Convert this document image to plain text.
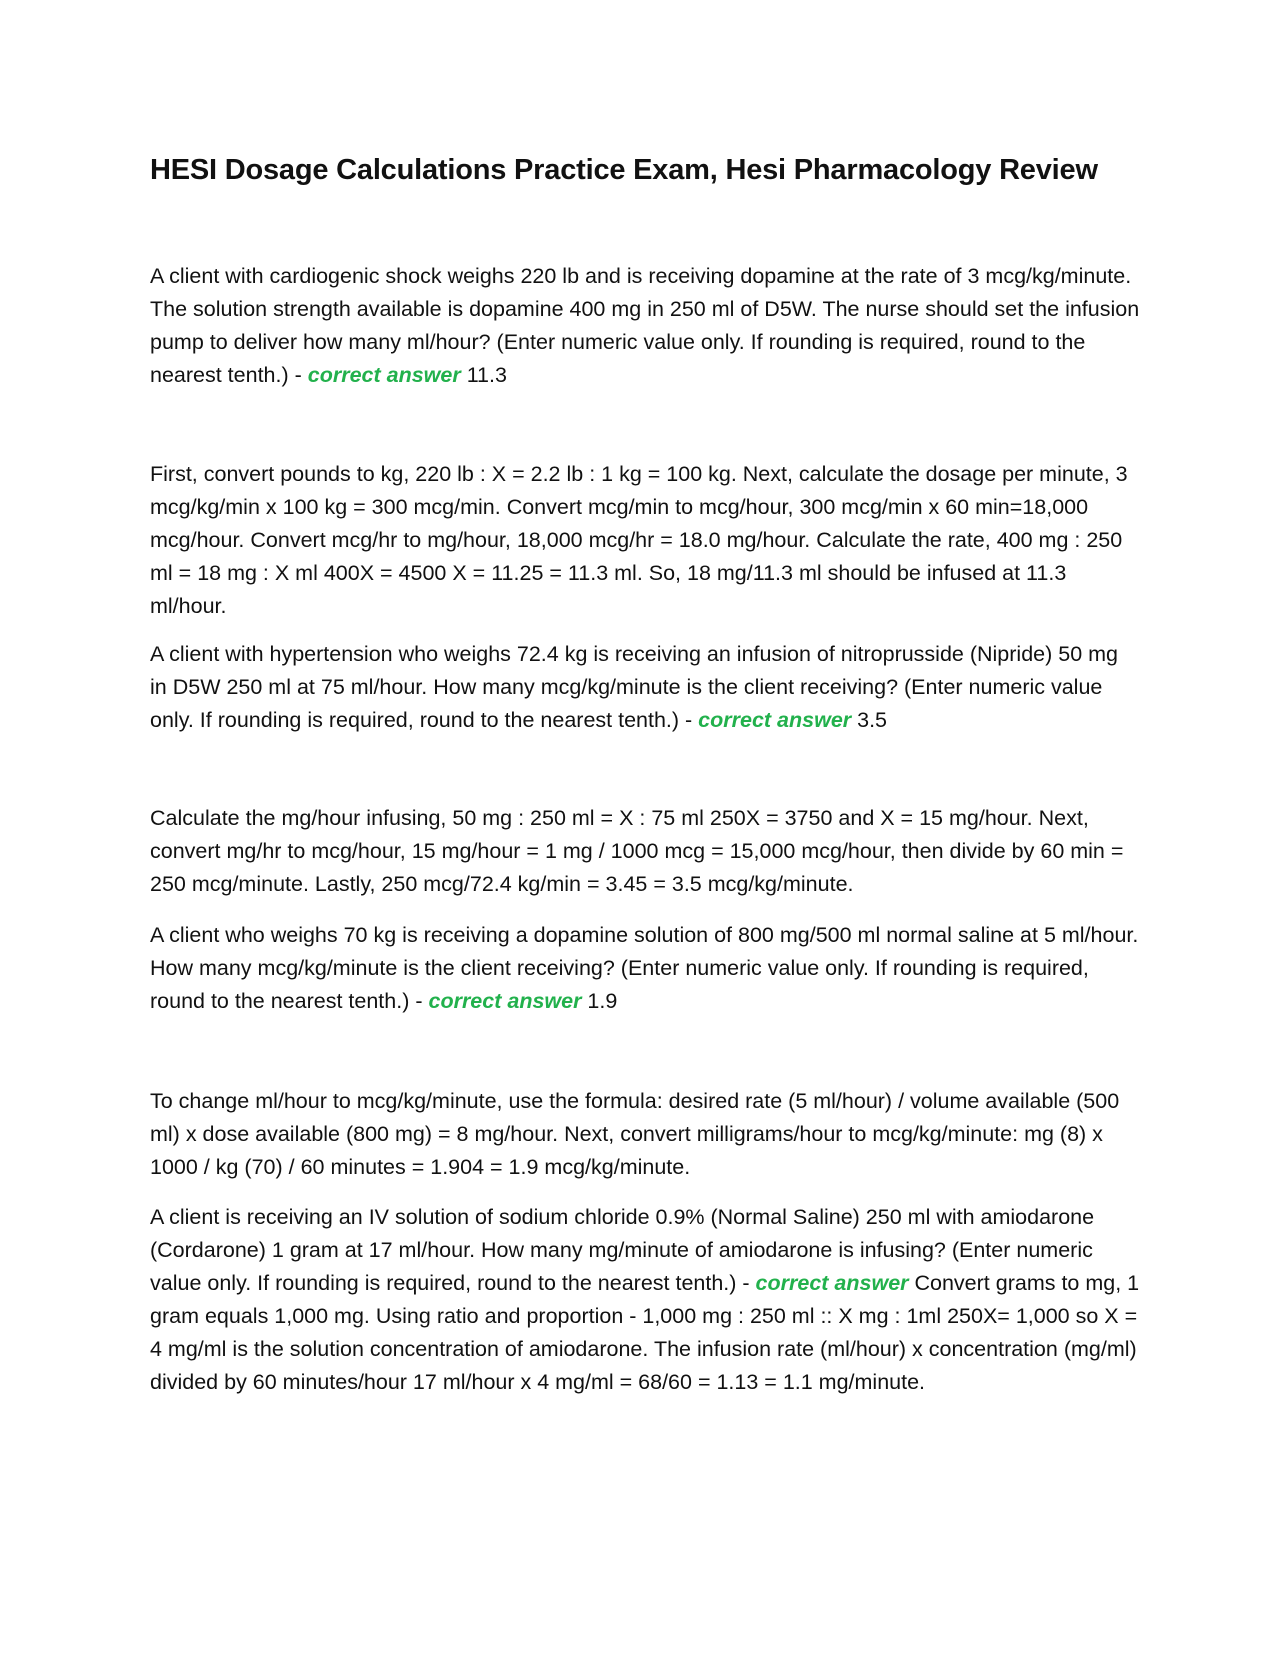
HESI Dosage Calculations Practice Exam, Hesi Pharmacology Review

A client with cardiogenic shock weighs 220 lb and is receiving dopamine at the rate of 3 mcg/kg/minute. The solution strength available is dopamine 400 mg in 250 ml of D5W. The nurse should set the infusion pump to deliver how many ml/hour? (Enter numeric value only. If rounding is required, round to the nearest tenth.) - correct answer 11.3

First, convert pounds to kg, 220 lb : X = 2.2 lb : 1 kg = 100 kg. Next, calculate the dosage per minute, 3 mcg/kg/min x 100 kg = 300 mcg/min. Convert mcg/min to mcg/hour, 300 mcg/min x 60 min=18,000 mcg/hour. Convert mcg/hr to mg/hour, 18,000 mcg/hr = 18.0 mg/hour. Calculate the rate, 400 mg : 250 ml = 18 mg : X ml 400X = 4500 X = 11.25 = 11.3 ml. So, 18 mg/11.3 ml should be infused at 11.3 ml/hour.

A client with hypertension who weighs 72.4 kg is receiving an infusion of nitroprusside (Nipride) 50 mg in D5W 250 ml at 75 ml/hour. How many mcg/kg/minute is the client receiving? (Enter numeric value only. If rounding is required, round to the nearest tenth.) - correct answer 3.5

Calculate the mg/hour infusing, 50 mg : 250 ml = X : 75 ml 250X = 3750 and X = 15 mg/hour. Next, convert mg/hr to mcg/hour, 15 mg/hour = 1 mg / 1000 mcg = 15,000 mcg/hour, then divide by 60 min = 250 mcg/minute. Lastly, 250 mcg/72.4 kg/min = 3.45 = 3.5 mcg/kg/minute.

A client who weighs 70 kg is receiving a dopamine solution of 800 mg/500 ml normal saline at 5 ml/hour. How many mcg/kg/minute is the client receiving? (Enter numeric value only. If rounding is required, round to the nearest tenth.) - correct answer 1.9

To change ml/hour to mcg/kg/minute, use the formula: desired rate (5 ml/hour) / volume available (500 ml) x dose available (800 mg) = 8 mg/hour. Next, convert milligrams/hour to mcg/kg/minute: mg (8) x 1000 / kg (70) / 60 minutes = 1.904 = 1.9 mcg/kg/minute.

A client is receiving an IV solution of sodium chloride 0.9% (Normal Saline) 250 ml with amiodarone (Cordarone) 1 gram at 17 ml/hour. How many mg/minute of amiodarone is infusing? (Enter numeric value only. If rounding is required, round to the nearest tenth.) - correct answer Convert grams to mg, 1 gram equals 1,000 mg. Using ratio and proportion - 1,000 mg : 250 ml :: X mg : 1ml 250X= 1,000 so X = 4 mg/ml is the solution concentration of amiodarone. The infusion rate (ml/hour) x concentration (mg/ml) divided by 60 minutes/hour 17 ml/hour x 4 mg/ml = 68/60 = 1.13 = 1.1 mg/minute.
